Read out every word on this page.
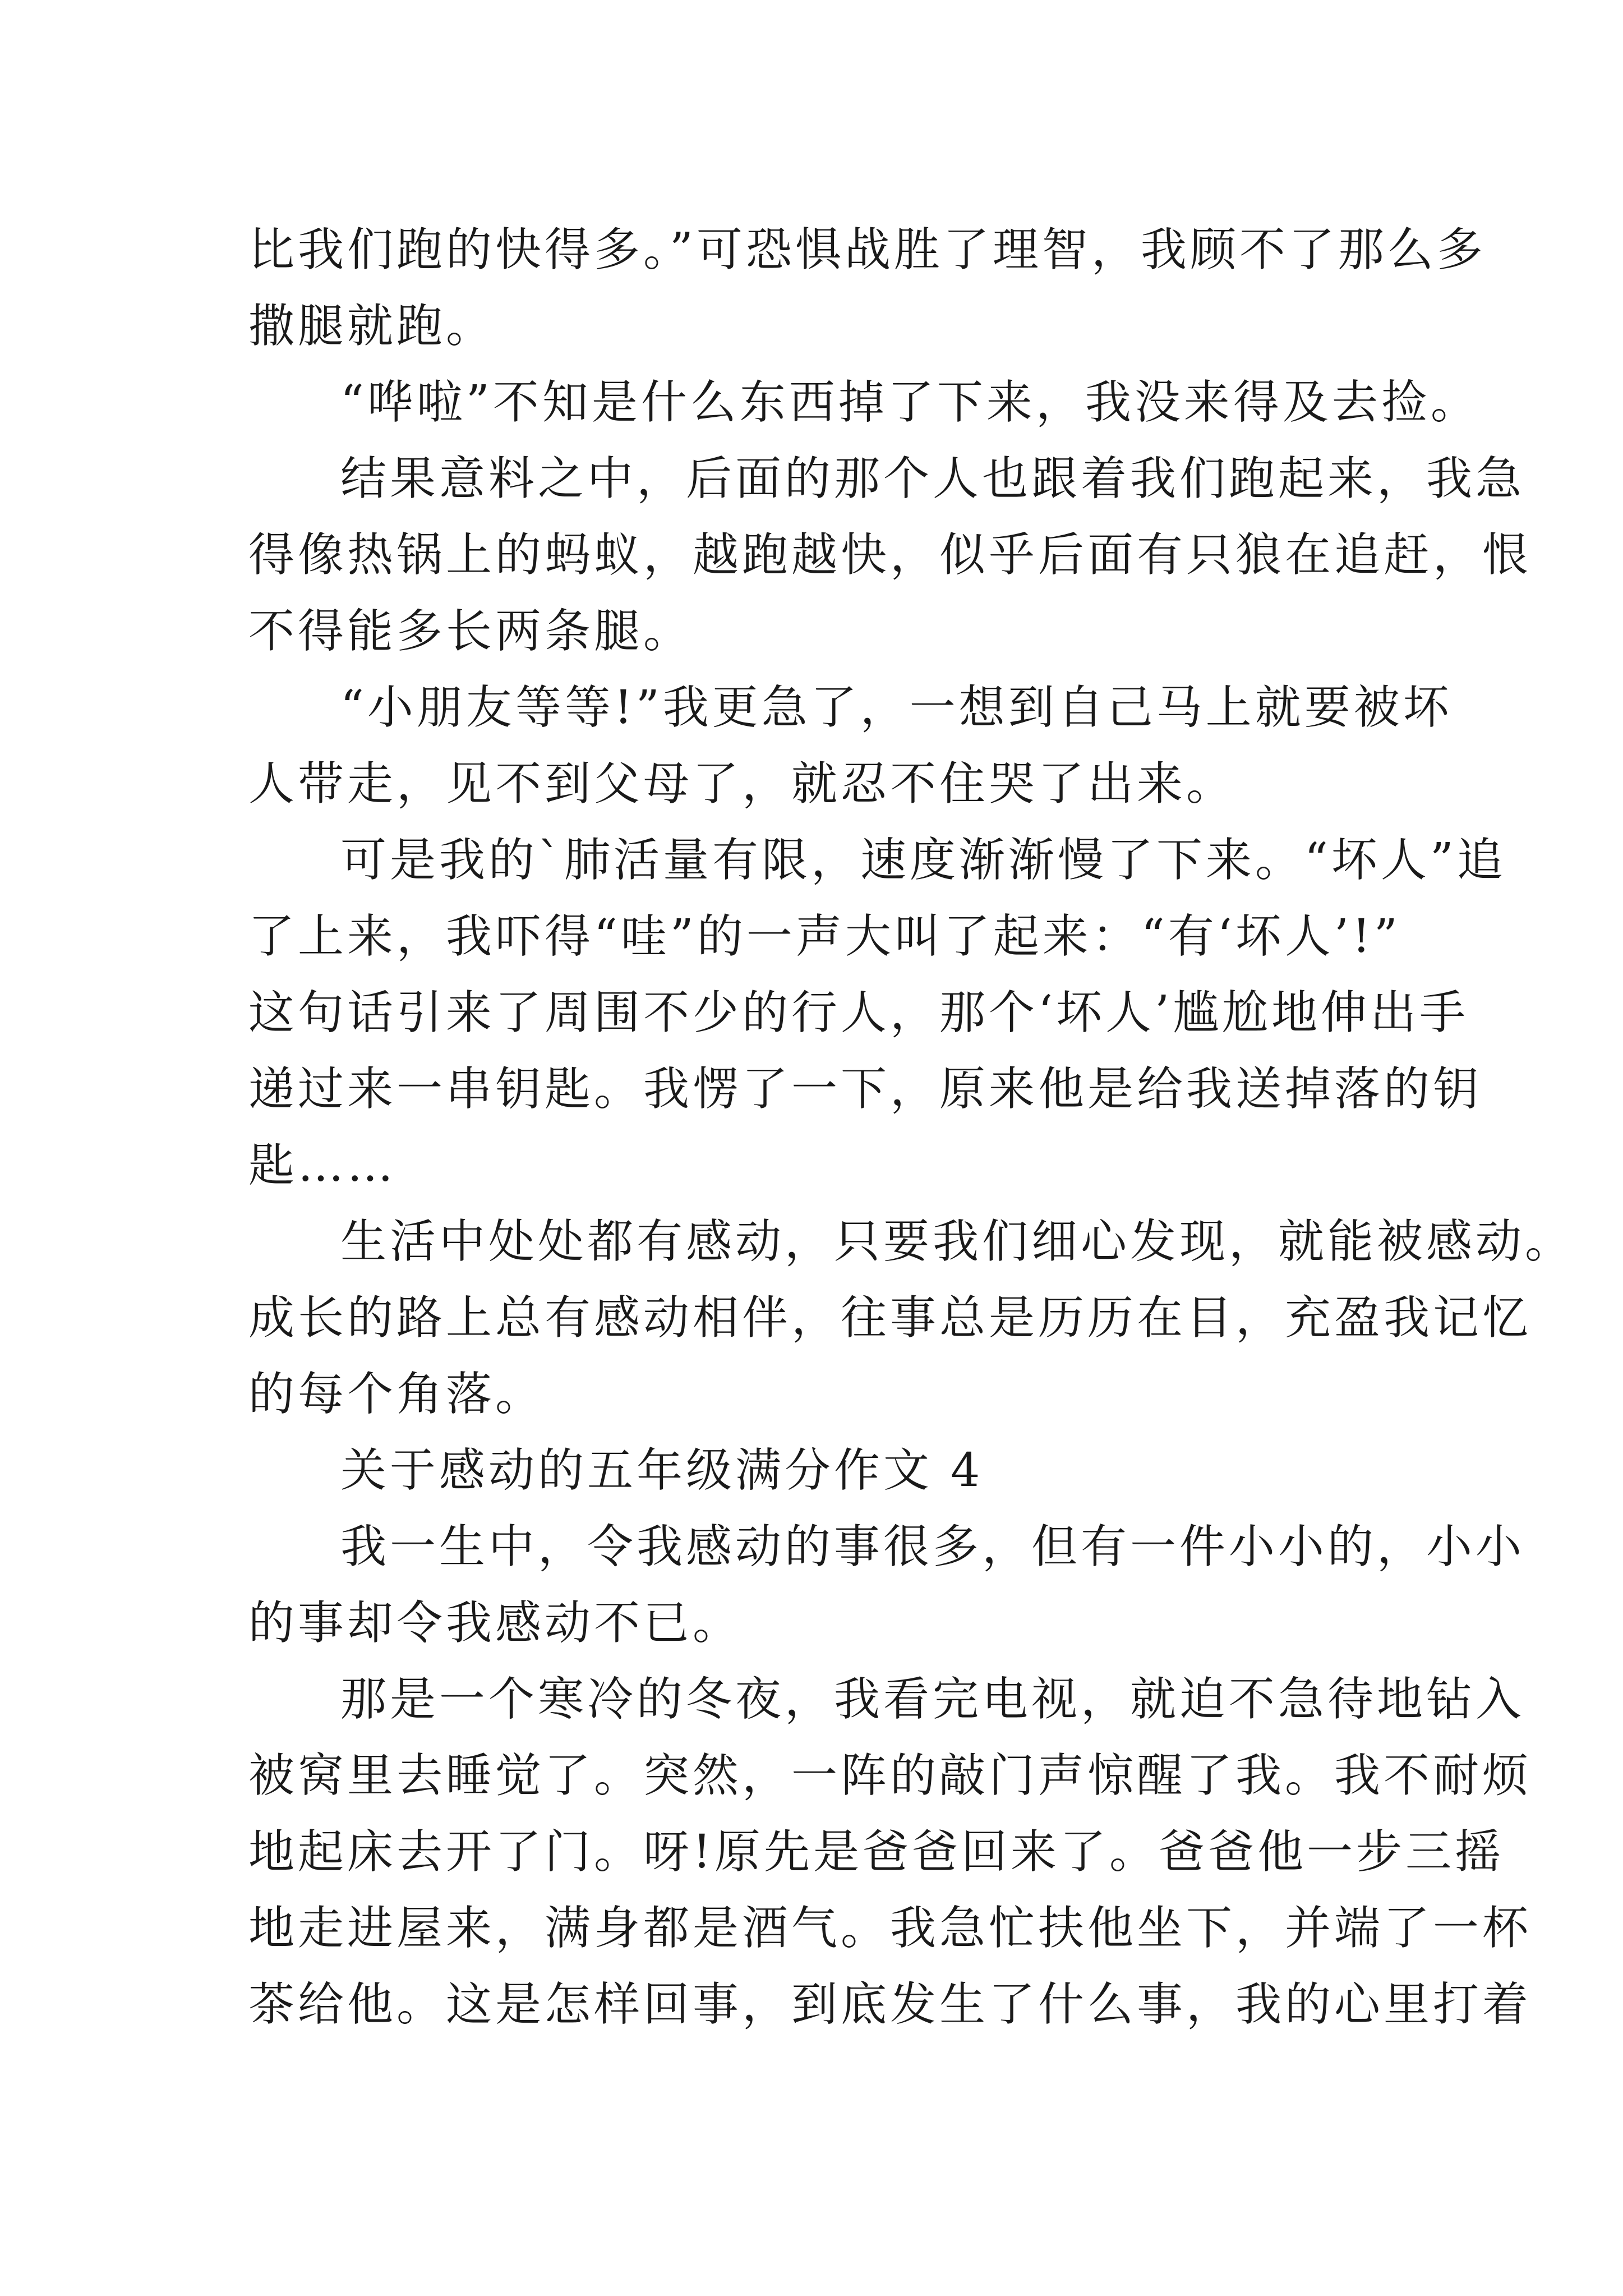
比我们跑的快得多。”可恐惧战胜了理智，我顾不了那么多
撒腿就跑。
“哗啦”不知是什么东西掉了下来，我没来得及去捡。
结果意料之中，后面的那个人也跟着我们跑起来，我急
得像热锅上的蚂蚁，越跑越快，似乎后面有只狼在追赶，恨
不得能多长两条腿。
“小朋友等等!”我更急了，一想到自己马上就要被坏
人带走，见不到父母了，就忍不住哭了出来。
可是我的`肺活量有限，速度渐渐慢了下来。“坏人”追
了上来，我吓得“哇”的一声大叫了起来：“有‘坏人’!”
这句话引来了周围不少的行人，那个‘坏人’尴尬地伸出手
递过来一串钥匙。我愣了一下，原来他是给我送掉落的钥
匙……
生活中处处都有感动，只要我们细心发现，就能被感动。
成长的路上总有感动相伴，往事总是历历在目，充盈我记忆
的每个角落。
关于感动的五年级满分作文 4
我一生中，令我感动的事很多，但有一件小小的，小小
的事却令我感动不已。
那是一个寒冷的冬夜，我看完电视，就迫不急待地钻入
被窝里去睡觉了。突然，一阵的敲门声惊醒了我。我不耐烦
地起床去开了门。呀!原先是爸爸回来了。爸爸他一步三摇
地走进屋来，满身都是酒气。我急忙扶他坐下，并端了一杯
茶给他。这是怎样回事，到底发生了什么事，我的心里打着
